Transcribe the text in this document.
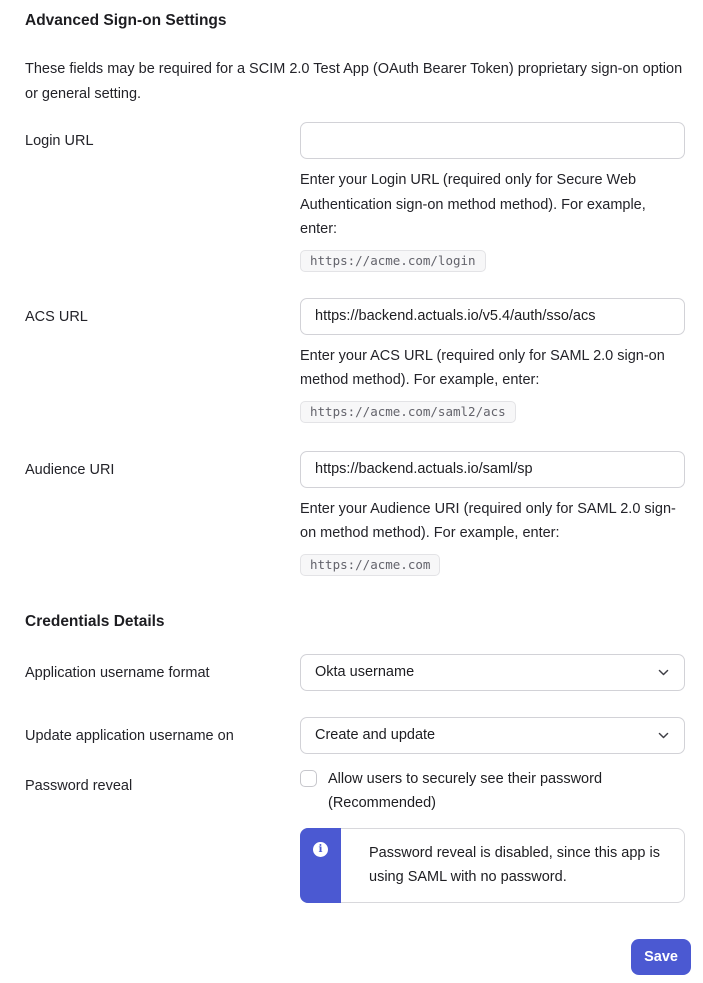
Advanced Sign-on Settings

These fields may be required for a SCIM 2.0 Test App (OAuth Bearer Token) proprietary sign-on option or general setting.

Login URL

Enter your Login URL (required only for Secure Web Authentication sign-on method method). For example, enter:

https://acme.com/login
ACS URL
https://backend.actuals.io/v5.4/auth/sso/acs

Enter your ACS URL (required only for SAML 2.0 sign-on method method). For example, enter:

https://acme.com/saml2/acs
Audience URI
https://backend.actuals.io/saml/sp

Enter your Audience URI (required only for SAML 2.0 sign-on method method). For example, enter:

https://acme.com
Credentials Details
Application username format	Okta username
Update application username on	Create and update
Password reveal	Allow users to securely see their password (Recommended)
i	Password reveal is disabled, since this app is using SAML with no password.

Save
